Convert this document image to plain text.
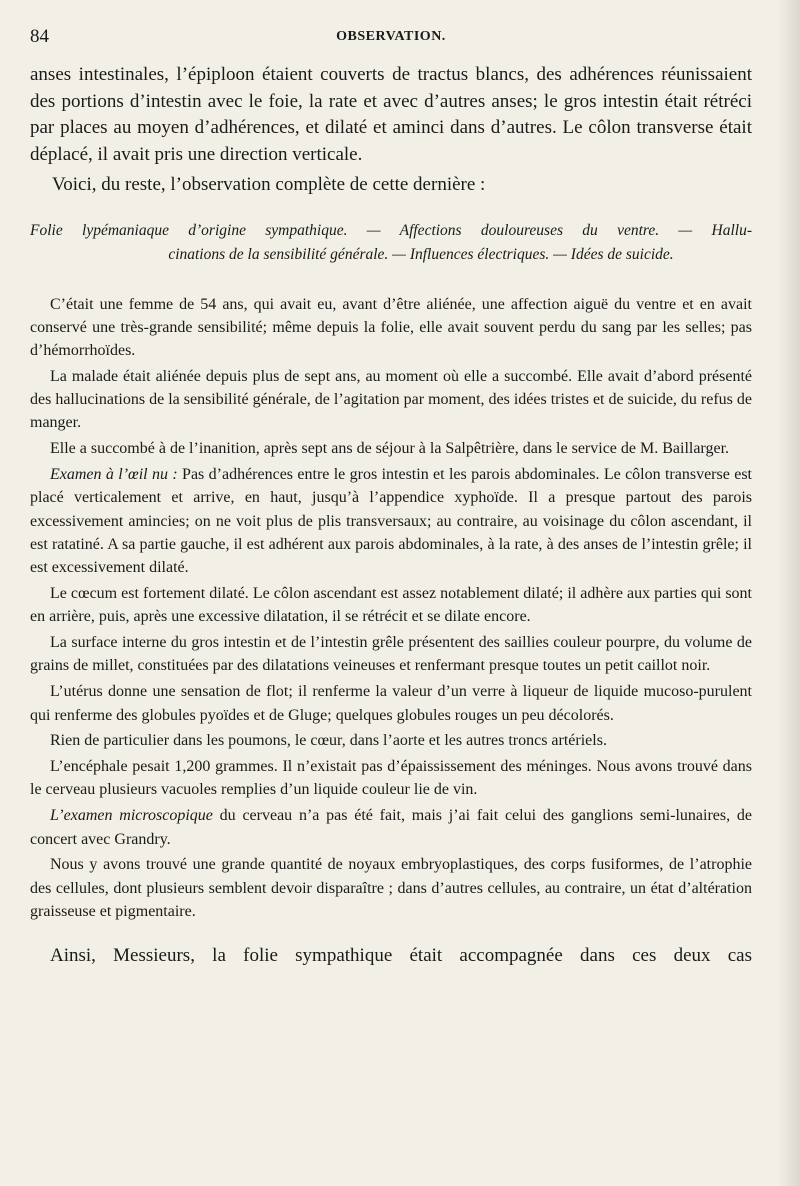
84	OBSERVATION.

anses intestinales, l’épiploon étaient couverts de tractus blancs, des adhérences réunissaient des portions d’intestin avec le foie, la rate et avec d’autres anses; le gros intestin était rétréci par places au moyen d’adhérences, et dilaté et aminci dans d’autres. Le côlon transverse était déplacé, il avait pris une direction verticale.

Voici, du reste, l’observation complète de cette dernière :

Folie lypémaniaque d’origine sympathique. — Affections douloureuses du ventre. — Hallu-
cinations de la sensibilité générale. — Influences électriques. — Idées de suicide.

C’était une femme de 54 ans, qui avait eu, avant d’être aliénée, une affection aiguë du ventre et en avait conservé une très-grande sensibilité; même depuis la folie, elle avait souvent perdu du sang par les selles; pas d’hémorrhoïdes.

La malade était aliénée depuis plus de sept ans, au moment où elle a succombé. Elle avait d’abord présenté des hallucinations de la sensibilité générale, de l’agitation par moment, des idées tristes et de suicide, du refus de manger.

Elle a succombé à de l’inanition, après sept ans de séjour à la Salpêtrière, dans le service de M. Baillarger.

Examen à l’œil nu : Pas d’adhérences entre le gros intestin et les parois abdominales. Le côlon transverse est placé verticalement et arrive, en haut, jusqu’à l’appendice xyphoïde. Il a presque partout des parois excessivement amincies; on ne voit plus de plis transversaux; au contraire, au voisinage du côlon ascendant, il est ratatiné. A sa partie gauche, il est adhérent aux parois abdominales, à la rate, à des anses de l’intestin grêle; il est excessivement dilaté.

Le cœcum est fortement dilaté. Le côlon ascendant est assez notablement dilaté; il adhère aux parties qui sont en arrière, puis, après une excessive dilatation, il se rétrécit et se dilate encore.

La surface interne du gros intestin et de l’intestin grêle présentent des saillies couleur pourpre, du volume de grains de millet, constituées par des dilatations veineuses et renfermant presque toutes un petit caillot noir.

L’utérus donne une sensation de flot; il renferme la valeur d’un verre à liqueur de liquide mucoso-purulent qui renferme des globules pyoïdes et de Gluge; quelques globules rouges un peu décolorés.

Rien de particulier dans les poumons, le cœur, dans l’aorte et les autres troncs artériels.

L’encéphale pesait 1,200 grammes. Il n’existait pas d’épaississement des méninges. Nous avons trouvé dans le cerveau plusieurs vacuoles remplies d’un liquide couleur lie de vin.

L’examen microscopique du cerveau n’a pas été fait, mais j’ai fait celui des ganglions semi-lunaires, de concert avec Grandry.

Nous y avons trouvé une grande quantité de noyaux embryoplastiques, des corps fusiformes, de l’atrophie des cellules, dont plusieurs semblent devoir disparaître ; dans d’autres cellules, au contraire, un état d’altération graisseuse et pigmentaire.

Ainsi, Messieurs, la folie sympathique était accompagnée dans ces deux cas
